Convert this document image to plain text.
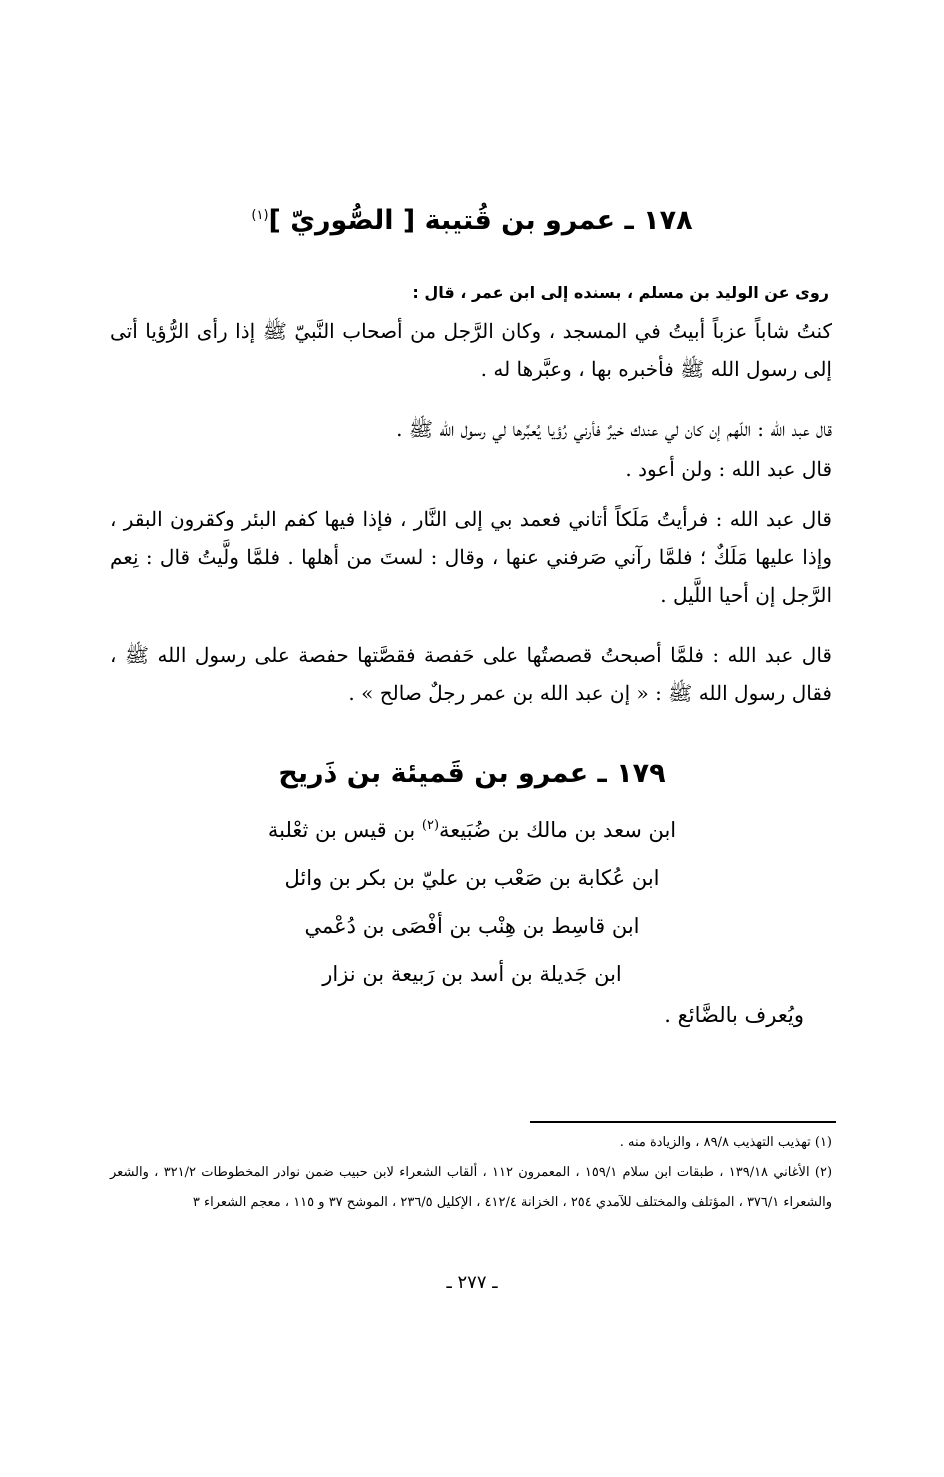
١٧٨ ـ عمرو بن قُتيبة [ الصُّوريّ ]$^{(١)}$
روى عن الوليد بن مسلم ، بسنده إلى ابن عمر ، قال :
كنتُ شاباً عزباً أبيتُ في المسجد ، وكان الرَّجل من أصحاب النَّبيّ ﷺ إذا رأى الرُّؤيا أتى إلى رسول الله ﷺ فأخبره بها ، وعبَّرها له .
قال عبد الله : اللّهم إن كان لي عندك خيرٌ فأرني رُؤيا يُعبِّرها لي رسول الله ﷺ .
قال عبد الله : ولن أعود .
قال عبد الله : فرأيتُ مَلَكاً أتاني فعمد بي إلى النَّار ، فإذا فيها كفم البئر وكقرون البقر ، وإذا عليها مَلَكٌ ؛ فلمَّا رآني صَرفني عنها ، وقال : لستَ من أهلها . فلمَّا ولَّيتُ قال : نِعم الرَّجل إن أحيا اللَّيل .
قال عبد الله : فلمَّا أصبحتُ قصصتُها على حَفصة فقصَّتها حفصة على رسول الله ﷺ ، فقال رسول الله ﷺ : « إن عبد الله بن عمر رجلٌ صالح » .
١٧٩ ـ عمرو بن قَميئة بن ذَريح
ابن سعد بن مالك بن ضُبَيعة$^{(٢)}$ بن قيس بن ثعْلبة
ابن عُكابة بن صَعْب بن عليّ بن بكر بن وائل
ابن قاسِط بن هِنْب بن أفْصَى بن دُعْمي
ابن جَديلة بن أسد بن رَبيعة بن نزار
ويُعرف بالضَّائع .

(١) تهذيب التهذيب ٨٩/٨ ، والزيادة منه .

(٢) الأغاني ١٣٩/١٨ ، طبقات ابن سلام ١٥٩/١ ، المعمرون ١١٢ ، ألقاب الشعراء لابن حبيب ضمن نوادر المخطوطات ٣٢١/٢ ، والشعر والشعراء ٣٧٦/١ ، المؤتلف والمختلف للآمدي ٢٥٤ ، الخزانة ٤١٢/٤ ، الإكليل ٢٣٦/٥ ، الموشح ٣٧ و ١١٥ ، معجم الشعراء ٣

ـ ٢٧٧ ـ
